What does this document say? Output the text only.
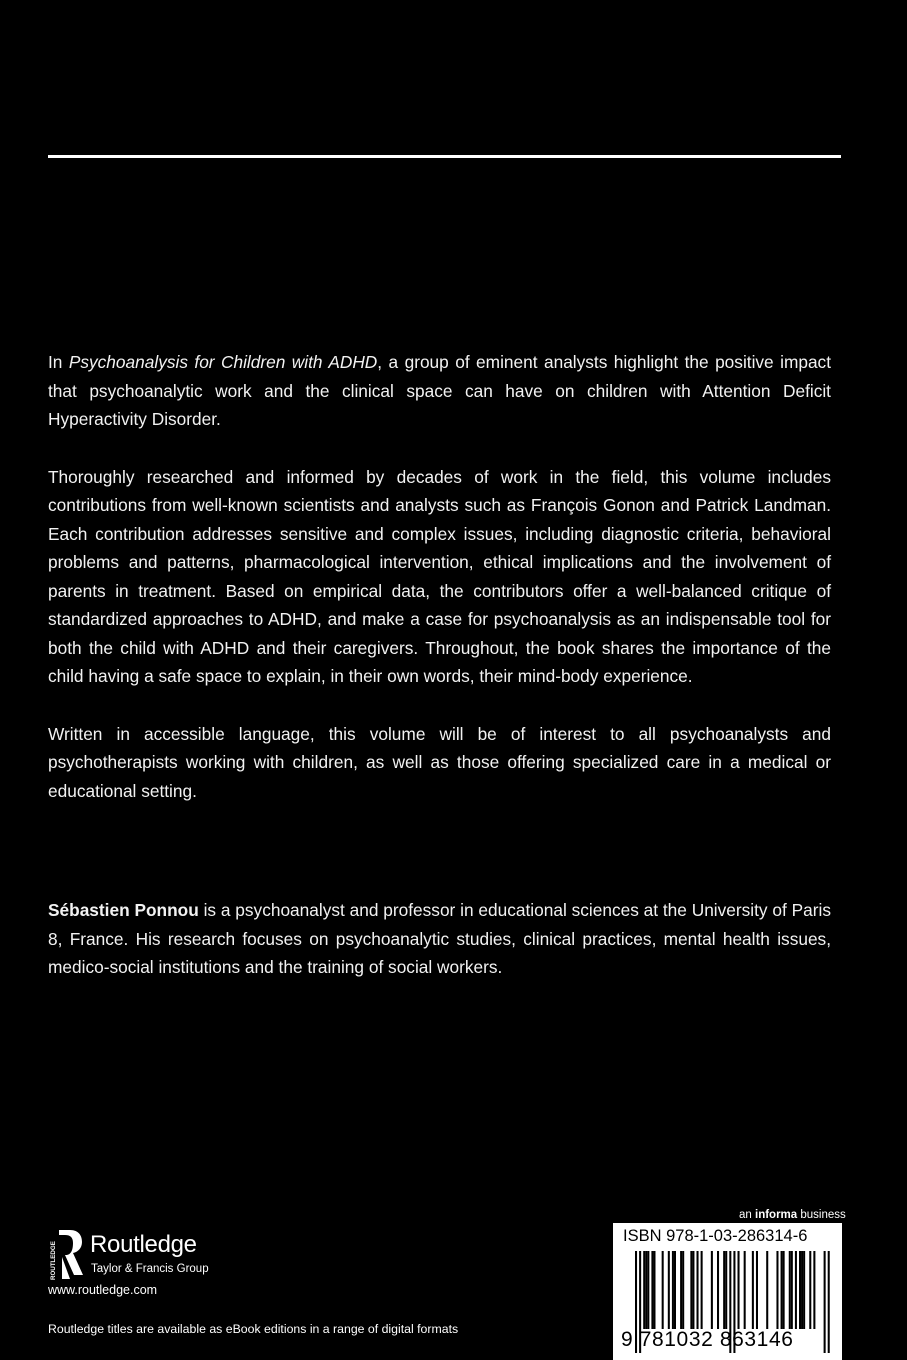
In Psychoanalysis for Children with ADHD, a group of eminent analysts highlight the positive impact that psychoanalytic work and the clinical space can have on children with Attention Deficit Hyperactivity Disorder.

Thoroughly researched and informed by decades of work in the field, this volume includes contributions from well-known scientists and analysts such as François Gonon and Patrick Landman. Each contribution addresses sensitive and complex issues, including diagnostic criteria, behavioral problems and patterns, pharmacological intervention, ethical implications and the involvement of parents in treatment. Based on empirical data, the contributors offer a well-balanced critique of standardized approaches to ADHD, and make a case for psychoanalysis as an indispensable tool for both the child with ADHD and their caregivers. Throughout, the book shares the importance of the child having a safe space to explain, in their own words, their mind-body experience.

Written in accessible language, this volume will be of interest to all psychoanalysts and psychotherapists working with children, as well as those offering specialized care in a medical or educational setting.

Sébastien Ponnou is a psychoanalyst and professor in educational sciences at the University of Paris 8, France. His research focuses on psychoanalytic studies, clinical practices, mental health issues, medico-social institutions and the training of social workers.

ROUTLEDGE Routledge
Taylor & Francis Group
www.routledge.com
Routledge titles are available as eBook editions in a range of digital formats
an informa business
ISBN 978-1-03-286314-6
9 781032 863146
